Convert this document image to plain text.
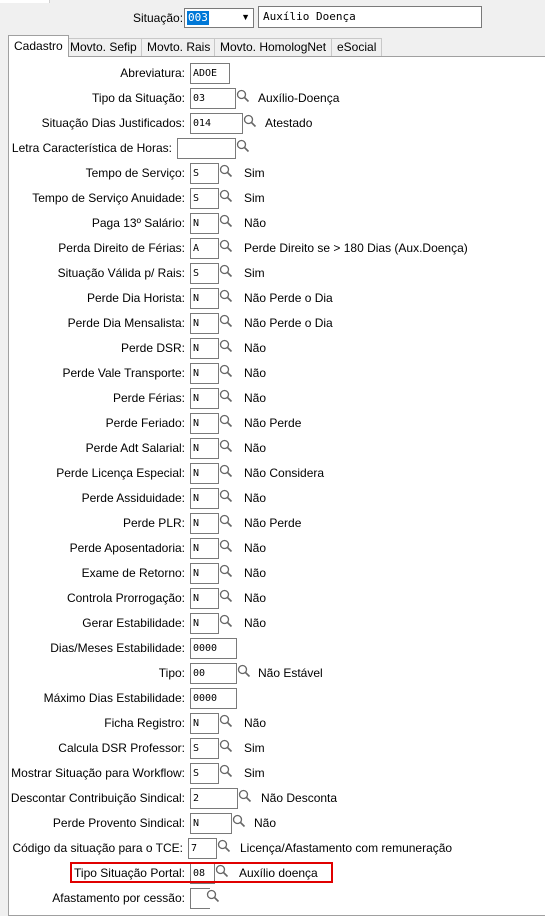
Situação: 003	▼	Auxílio Doença
Cadastro Movto. Sefip Movto. Rais Movto. HomologNet eSocial
Abreviatura: ADOE
Tipo da Situação: 03	Auxílio-Doença
Situação Dias Justificados: 014	Atestado
Letra Característica de Horas:
Tempo de Serviço: S	Sim
Tempo de Serviço Anuidade: S	Sim
Paga 13º Salário: N	Não
Perda Direito de Férias: A	Perde Direito se > 180 Dias (Aux.Doença)
Situação Válida p/ Rais: S	Sim
Perde Dia Horista: N	Não Perde o Dia
Perde Dia Mensalista: N	Não Perde o Dia
Perde DSR: N	Não
Perde Vale Transporte: N	Não
Perde Férias: N	Não
Perde Feriado: N	Não Perde
Perde Adt Salarial: N	Não
Perde Licença Especial: N	Não Considera
Perde Assiduidade: N	Não
Perde PLR: N	Não Perde
Perde Aposentadoria: N	Não
Exame de Retorno: N	Não
Controla Prorrogação: N	Não
Gerar Estabilidade: N	Não
Dias/Meses Estabilidade: 0000
Tipo: 00	Não Estável
Máximo Dias Estabilidade: 0000
Ficha Registro: N	Não
Calcula DSR Professor: S	Sim
Mostrar Situação para Workflow: S	Sim
Descontar Contribuição Sindical: 2	Não Desconta
Perde Provento Sindical: N	Não
Código da situação para o TCE: 7	Licença/Afastamento com remuneração
Tipo Situação Portal: 08	Auxílio doença
Afastamento por cessão:
